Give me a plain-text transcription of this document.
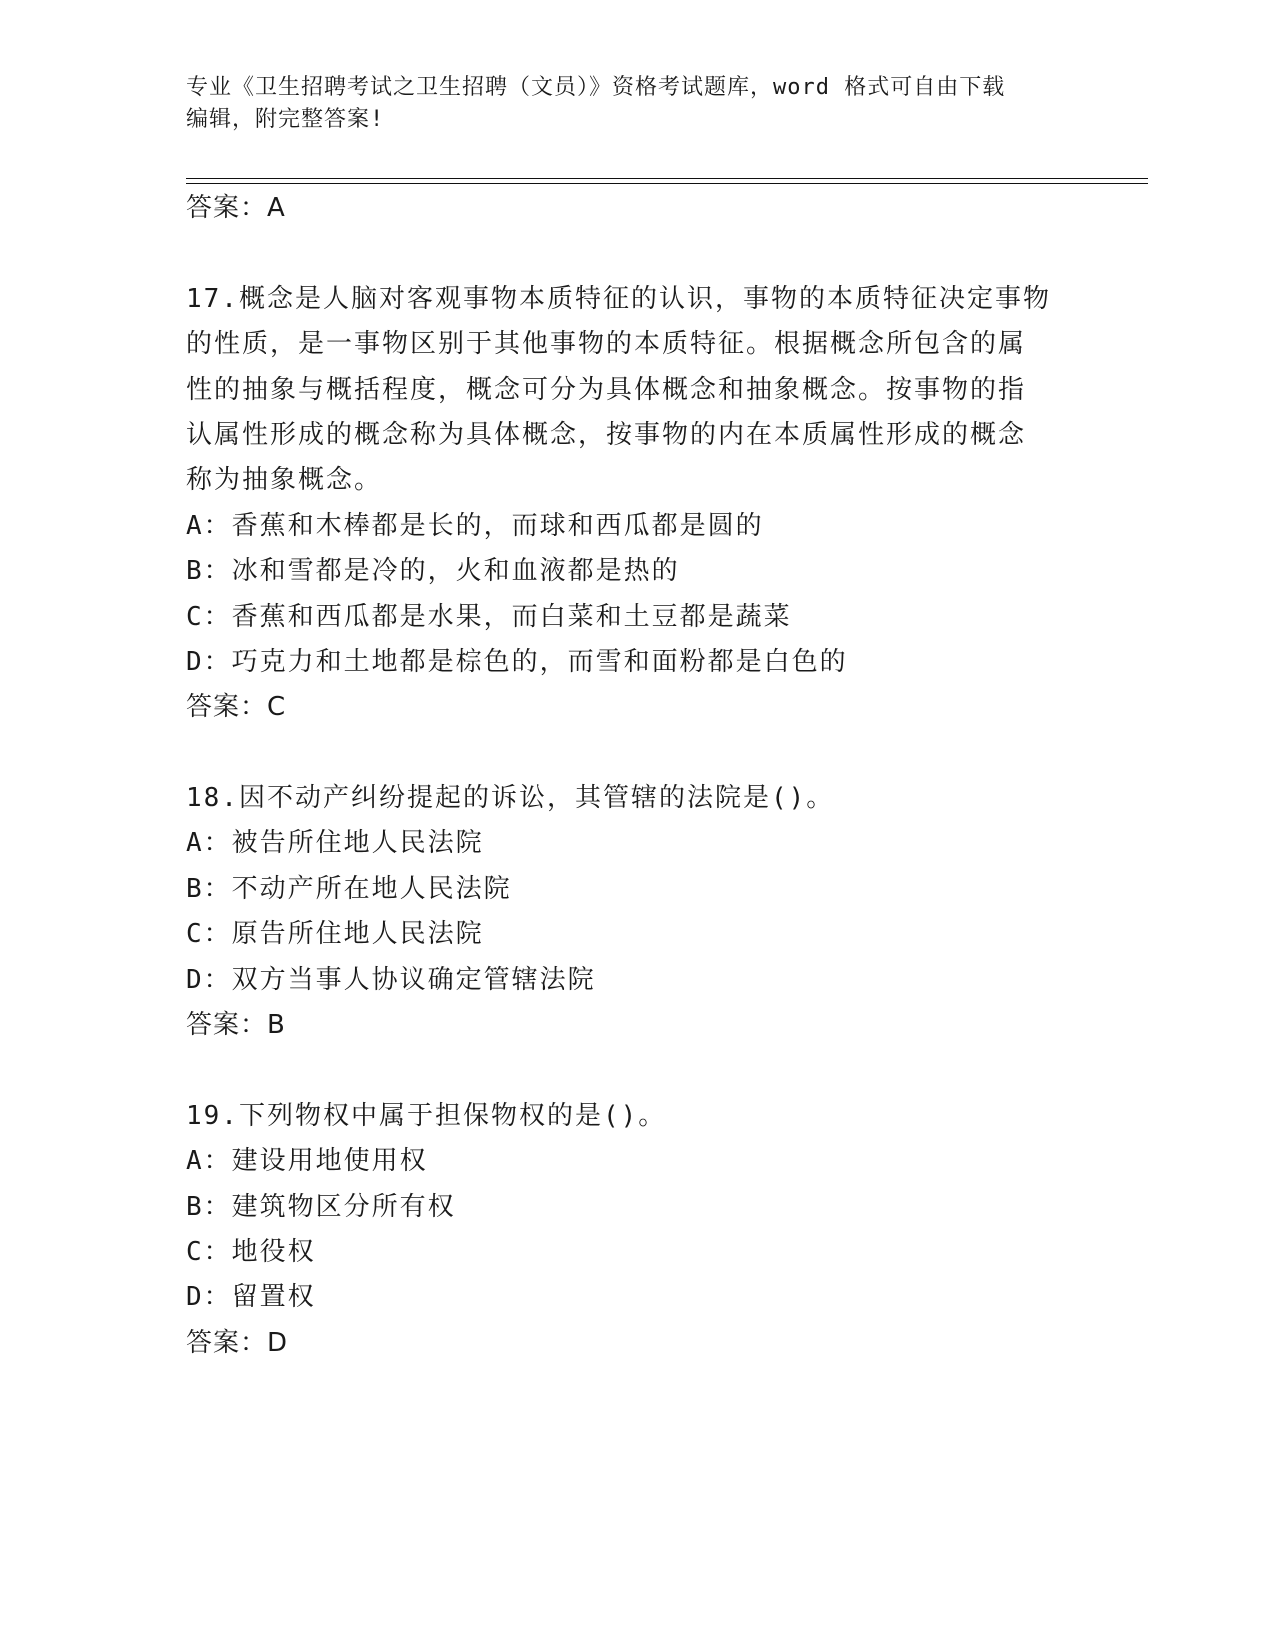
专业《卫生招聘考试之卫生招聘（文员）》资格考试题库，word 格式可自由下载
编辑，附完整答案!
答案：A
17.概念是人脑对客观事物本质特征的认识，事物的本质特征决定事物
的性质，是一事物区别于其他事物的本质特征。根据概念所包含的属
性的抽象与概括程度，概念可分为具体概念和抽象概念。按事物的指
认属性形成的概念称为具体概念，按事物的内在本质属性形成的概念
称为抽象概念。
A：香蕉和木棒都是长的，而球和西瓜都是圆的
B：冰和雪都是冷的，火和血液都是热的
C：香蕉和西瓜都是水果，而白菜和土豆都是蔬菜
D：巧克力和土地都是棕色的，而雪和面粉都是白色的
答案：C
18.因不动产纠纷提起的诉讼，其管辖的法院是()。
A：被告所住地人民法院
B：不动产所在地人民法院
C：原告所住地人民法院
D：双方当事人协议确定管辖法院
答案：B
19.下列物权中属于担保物权的是()。
A：建设用地使用权
B：建筑物区分所有权
C：地役权
D：留置权
答案：D
